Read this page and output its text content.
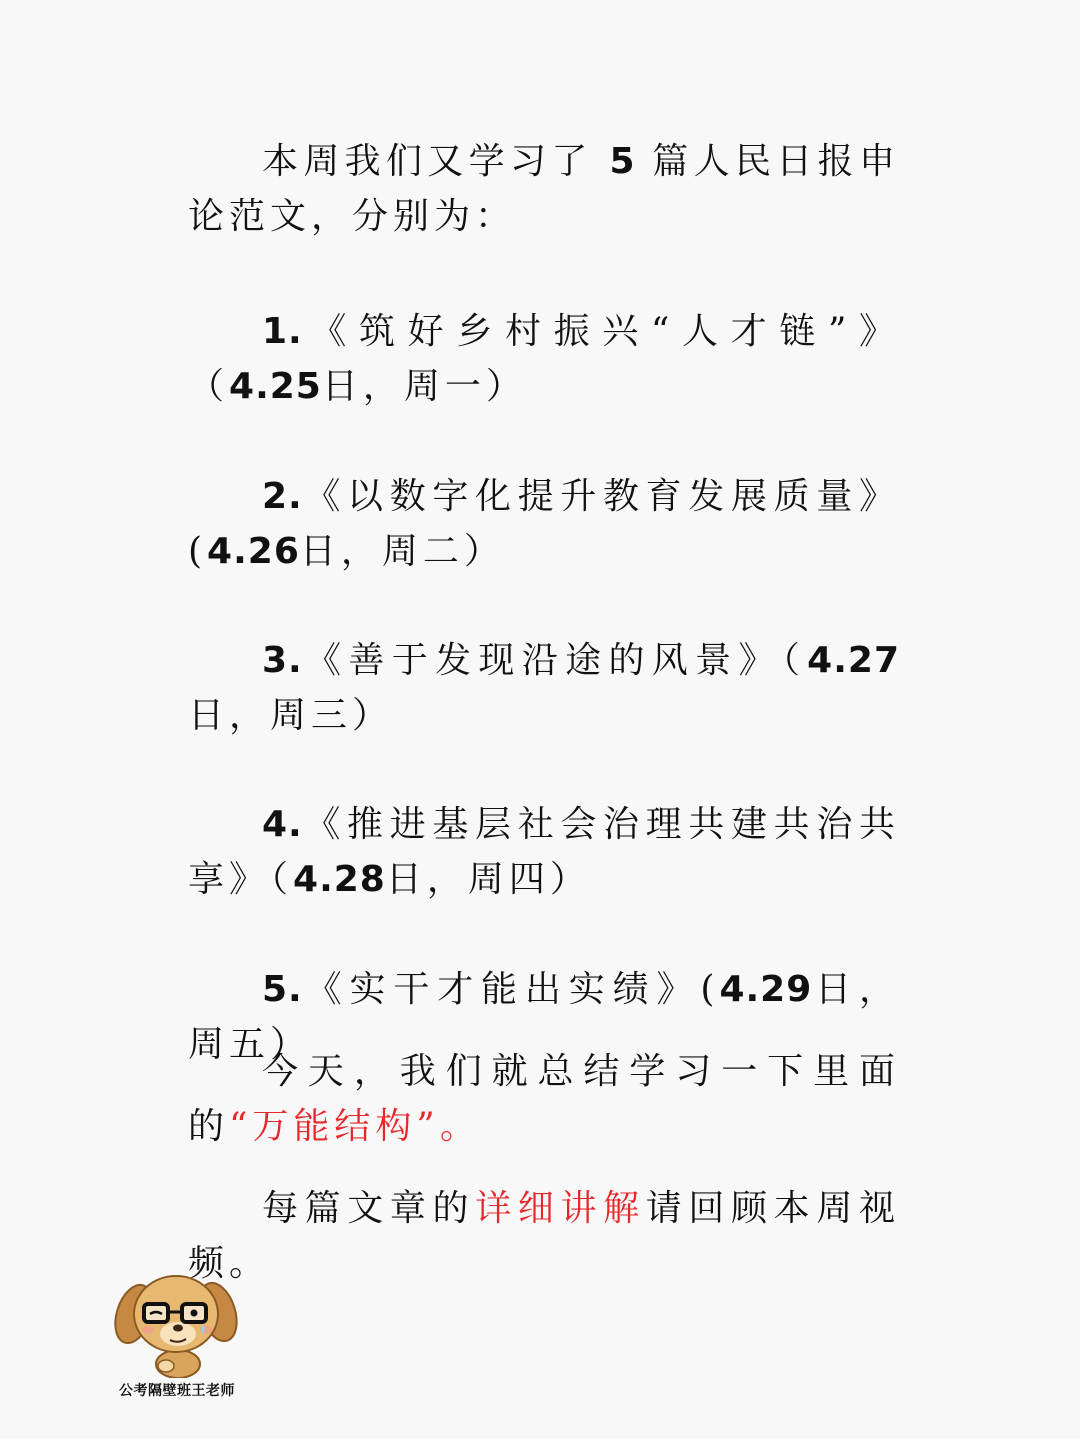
本周我们又学习了 5 篇人民日报申论范文，分别为：

1.《筑好乡村振兴“人才链”》（4.25日，周一）

2.《以数字化提升教育发展质量》(4.26日，周二）

3.《善于发现沿途的风景》（4.27日，周三）

4.《推进基层社会治理共建共治共享》（4.28日，周四）

5.《实干才能出实绩》(4.29日，周五）

今天，我们就总结学习一下里面的“万能结构”。

每篇文章的详细讲解请回顾本周视频。

公考隔壁班王老师
